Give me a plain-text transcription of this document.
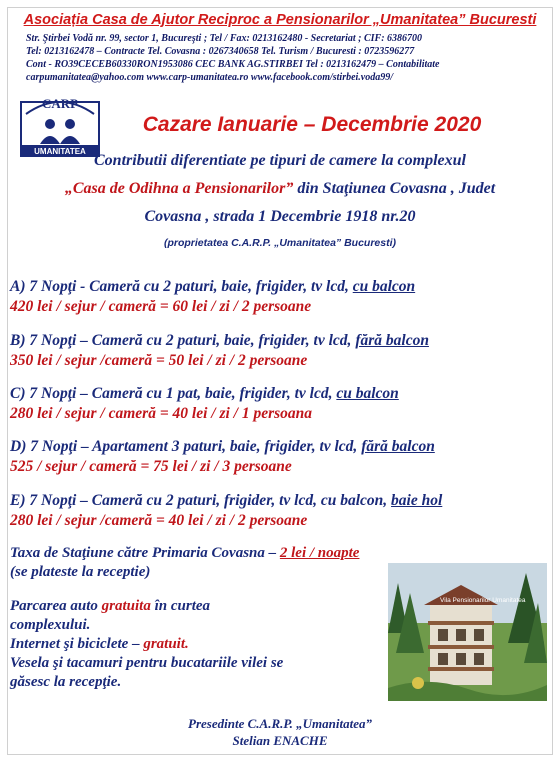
Asociația Casa de Ajutor Reciproc a Pensionarilor „Umanitatea” Bucuresti
Str. Ştirbei Vodă nr. 99, sector 1, Bucureşti ; Tel / Fax: 0213162480 - Secretariat ; CIF: 6386700
Tel: 0213162478 – Contracte Tel. Covasna : 0267340658 Tel. Turism / Bucuresti : 0723596277
Cont - RO39CECEB60330RON1953086 CEC BANK AG.STIRBEI Tel : 0213162479 – Contabilitate
carpumanitatea@yahoo.com www.carp-umanitatea.ro www.facebook.com/stirbei.voda99/
CARP
UMANITATEA
Cazare Ianuarie – Decembrie 2020
Contributii diferentiate pe tipuri de camere la complexul
„Casa de Odihna a Pensionarilor” din Staţiunea Covasna , Judet
Covasna , strada 1 Decembrie 1918 nr.20
(proprietatea C.A.R.P. „Umanitatea” Bucuresti)
A) 7 Nopţi - Cameră cu 2 paturi, baie, frigider, tv lcd, cu balcon
420 lei / sejur / cameră = 60 lei / zi / 2 persoane
B) 7 Nopţi – Cameră cu 2 paturi, baie, frigider, tv lcd, fără balcon
350 lei / sejur /cameră = 50 lei / zi / 2 persoane
C) 7 Nopţi – Cameră cu 1 pat, baie, frigider, tv lcd, cu balcon
280 lei / sejur / cameră = 40 lei / zi / 1 persoana
D) 7 Nopţi – Apartament 3 paturi, baie, frigider, tv lcd, fără balcon
525 / sejur / cameră = 75 lei / zi / 3 persoane
E) 7 Nopţi – Cameră cu 2 paturi, frigider, tv lcd, cu balcon, baie hol
280 lei / sejur /cameră = 40 lei / zi / 2 persoane
Taxa de Staţiune către Primaria Covasna – 2 lei / noapte
(se plateste la receptie)
Parcarea auto gratuita în curtea
complexului.
Internet şi biciclete – gratuit.
Vesela şi tacamuri pentru bucatariile vilei se
găsesc la recepţie.
Vila Pensionarilor Umanitatea
Presedinte C.A.R.P. „Umanitatea”
Stelian ENACHE
